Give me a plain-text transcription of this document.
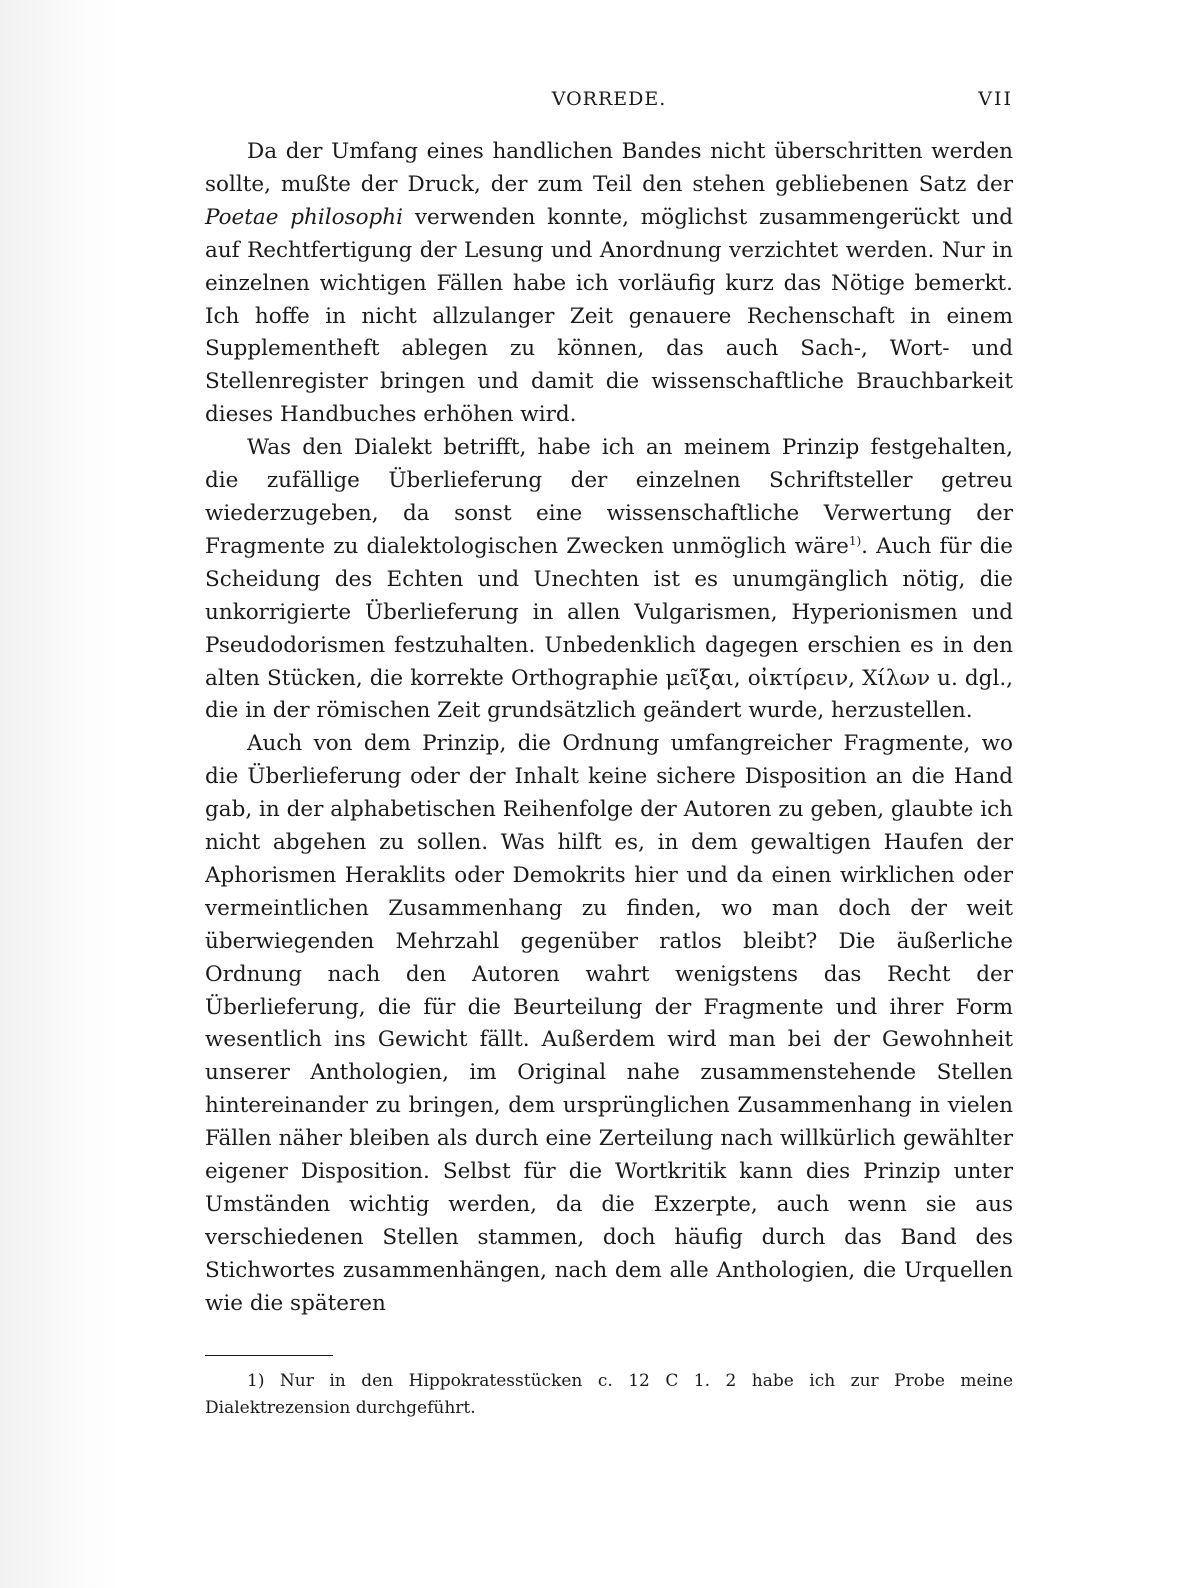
VORREDE.	VII

Da der Umfang eines handlichen Bandes nicht überschritten werden sollte, mußte der Druck, der zum Teil den stehen gebliebenen Satz der Poetae philosophi verwenden konnte, möglichst zusammengerückt und auf Rechtfertigung der Lesung und Anordnung verzichtet werden. Nur in einzelnen wichtigen Fällen habe ich vorläufig kurz das Nötige bemerkt. Ich hoffe in nicht allzulanger Zeit genauere Rechenschaft in einem Supplementheft ablegen zu können, das auch Sach-, Wort- und Stellenregister bringen und damit die wissenschaftliche Brauchbarkeit dieses Handbuches erhöhen wird.

Was den Dialekt betrifft, habe ich an meinem Prinzip festgehalten, die zufällige Überlieferung der einzelnen Schriftsteller getreu wiederzugeben, da sonst eine wissenschaftliche Verwertung der Fragmente zu dialektologischen Zwecken unmöglich wäre$^{1)}$. Auch für die Scheidung des Echten und Unechten ist es unumgänglich nötig, die unkorrigierte Überlieferung in allen Vulgarismen, Hyperionismen und Pseudodorismen festzuhalten. Unbedenklich dagegen erschien es in den alten Stücken, die korrekte Orthographie μεῖξαι, οἰκτίρειν, Χίλων u. dgl., die in der römischen Zeit grundsätzlich geändert wurde, herzustellen.

Auch von dem Prinzip, die Ordnung umfangreicher Fragmente, wo die Überlieferung oder der Inhalt keine sichere Disposition an die Hand gab, in der alphabetischen Reihenfolge der Autoren zu geben, glaubte ich nicht abgehen zu sollen. Was hilft es, in dem gewaltigen Haufen der Aphorismen Heraklits oder Demokrits hier und da einen wirklichen oder vermeintlichen Zusammenhang zu finden, wo man doch der weit überwiegenden Mehrzahl gegenüber ratlos bleibt? Die äußerliche Ordnung nach den Autoren wahrt wenigstens das Recht der Überlieferung, die für die Beurteilung der Fragmente und ihrer Form wesentlich ins Gewicht fällt. Außerdem wird man bei der Gewohnheit unserer Anthologien, im Original nahe zusammenstehende Stellen hintereinander zu bringen, dem ursprünglichen Zusammenhang in vielen Fällen näher bleiben als durch eine Zerteilung nach willkürlich gewählter eigener Disposition. Selbst für die Wortkritik kann dies Prinzip unter Umständen wichtig werden, da die Exzerpte, auch wenn sie aus verschiedenen Stellen stammen, doch häufig durch das Band des Stichwortes zusammenhängen, nach dem alle Anthologien, die Urquellen wie die späteren

1) Nur in den Hippokratesstücken c. 12 C 1. 2 habe ich zur Probe meine Dialektrezension durchgeführt.
